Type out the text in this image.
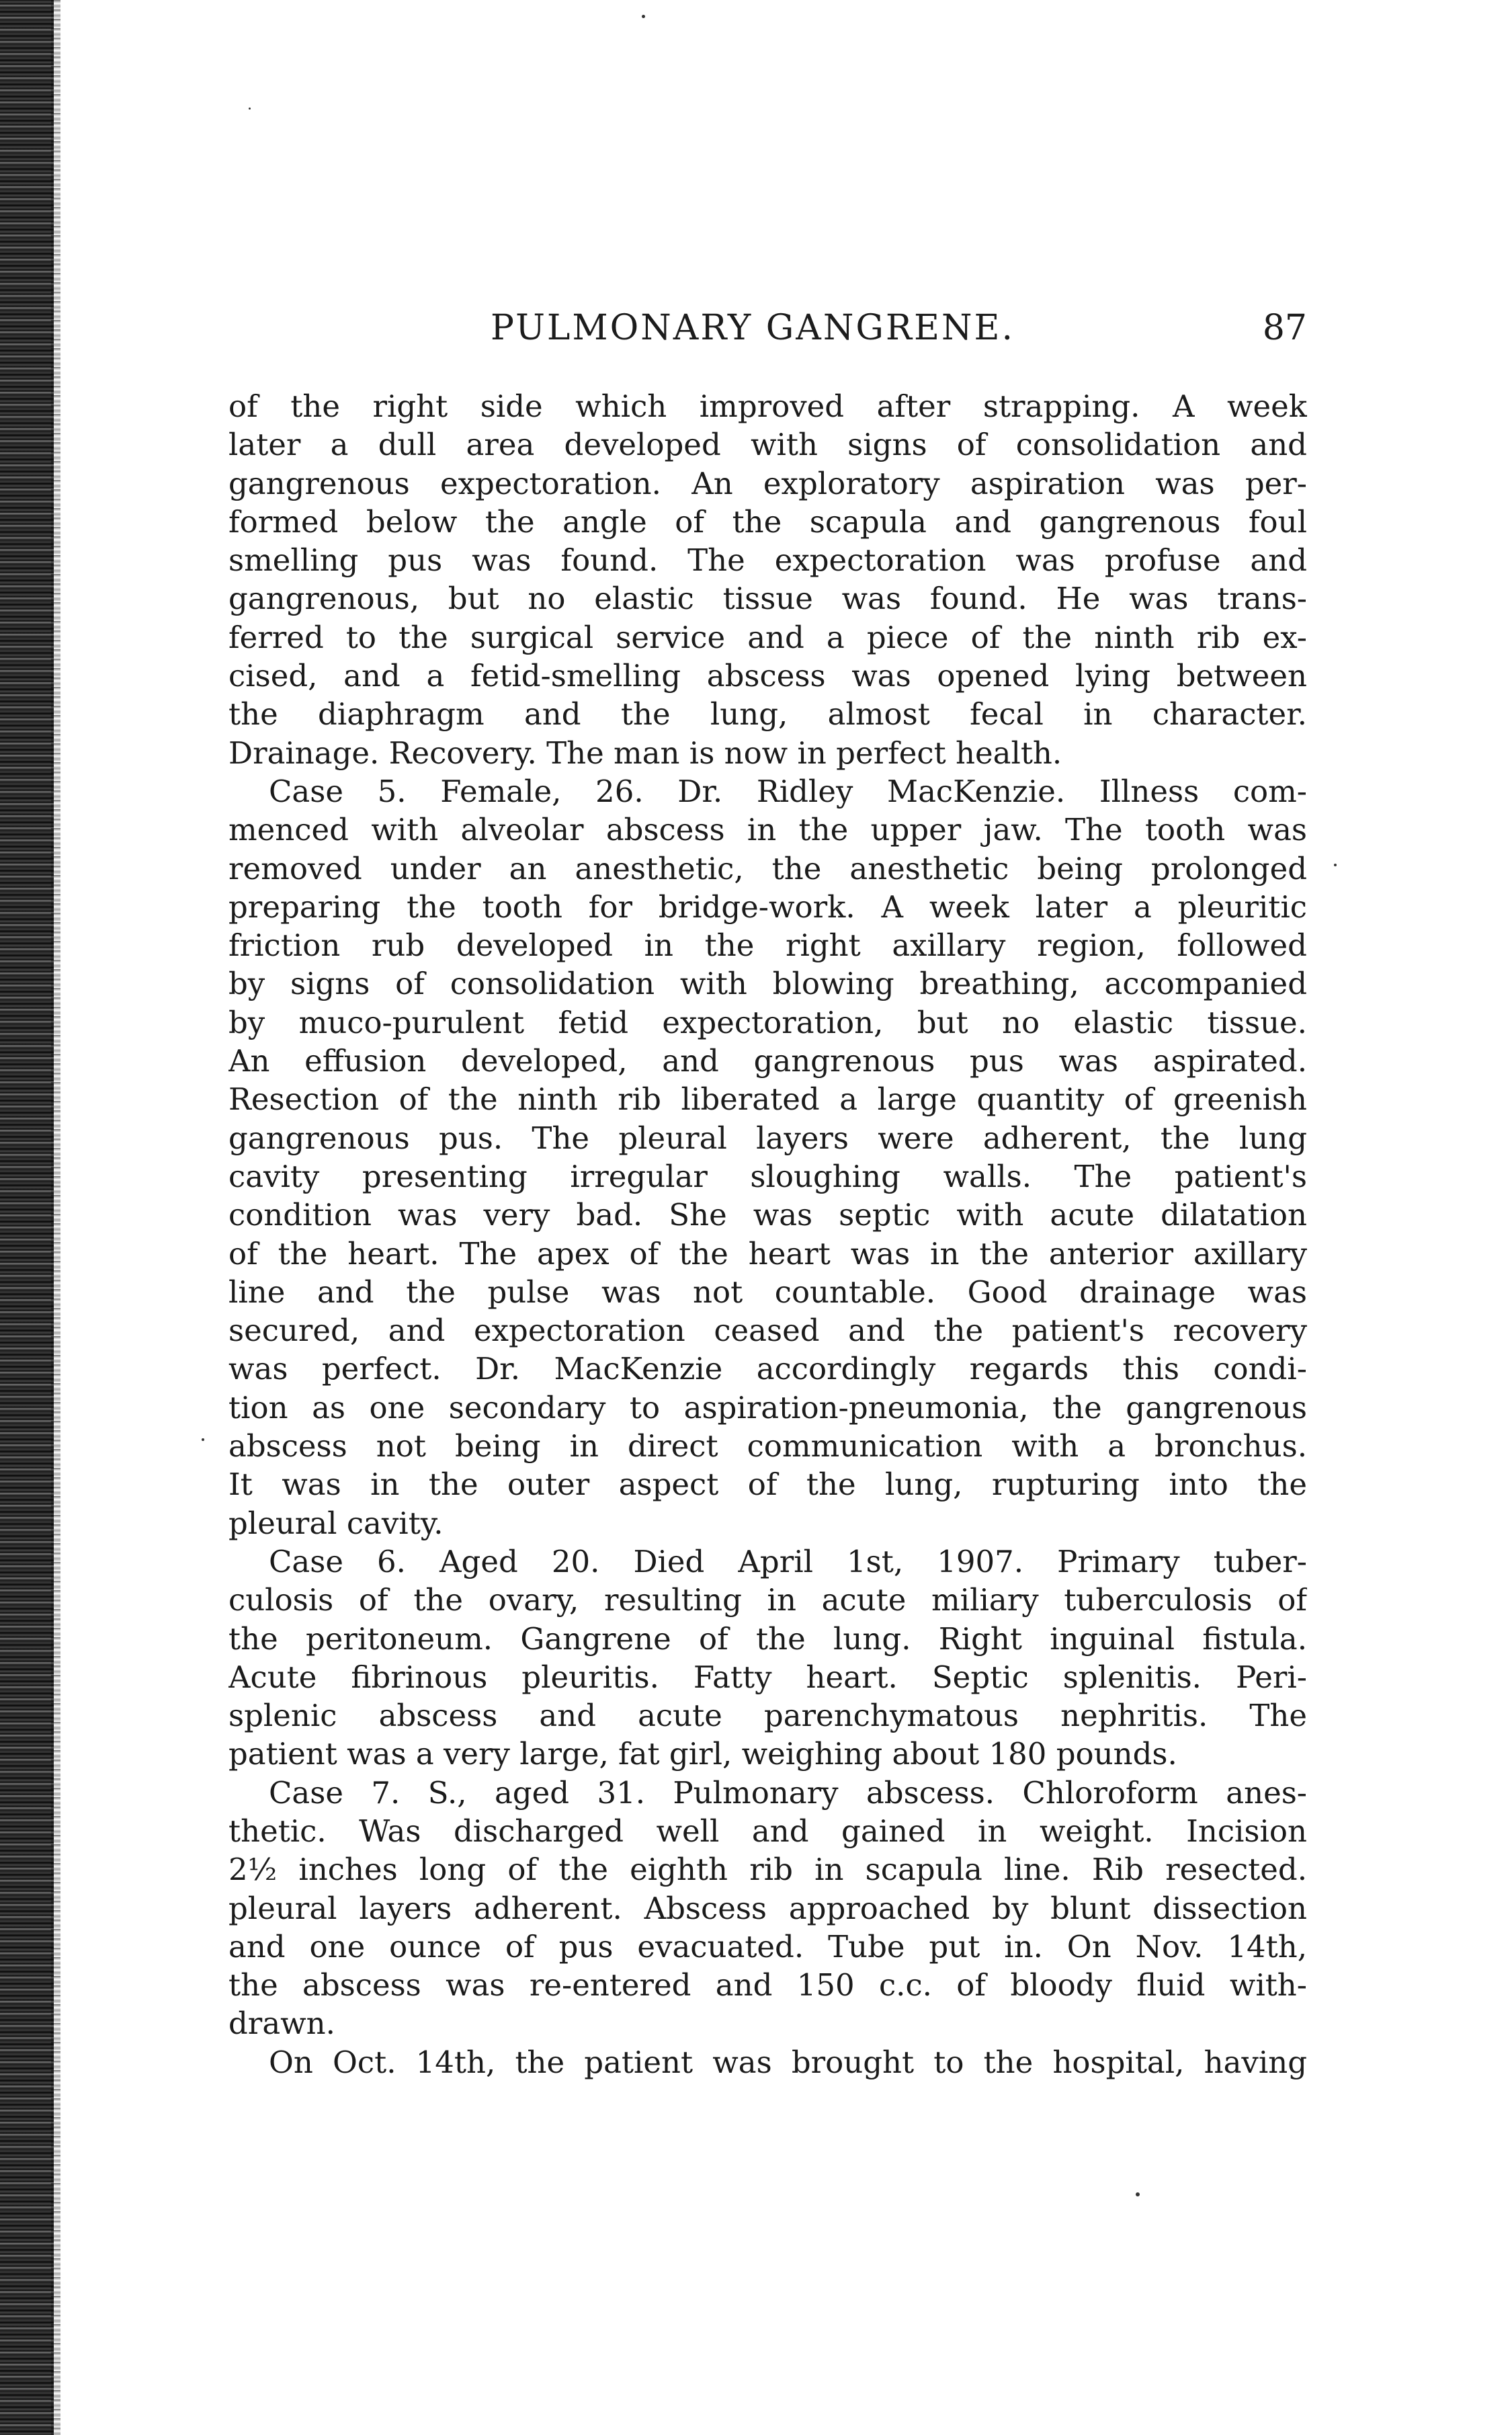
PULMONARY GANGRENE.	87
of the right side which improved after strapping. A week
later a dull area developed with signs of consolidation and
gangrenous expectoration. An exploratory aspiration was per-
formed below the angle of the scapula and gangrenous foul
smelling pus was found. The expectoration was profuse and
gangrenous, but no elastic tissue was found. He was trans-
ferred to the surgical service and a piece of the ninth rib ex-
cised, and a fetid-smelling abscess was opened lying between
the diaphragm and the lung, almost fecal in character.
Drainage. Recovery. The man is now in perfect health.
Case 5. Female, 26. Dr. Ridley MacKenzie. Illness com-
menced with alveolar abscess in the upper jaw. The tooth was
removed under an anesthetic, the anesthetic being prolonged
preparing the tooth for bridge-work. A week later a pleuritic
friction rub developed in the right axillary region, followed
by signs of consolidation with blowing breathing, accompanied
by muco-purulent fetid expectoration, but no elastic tissue.
An effusion developed, and gangrenous pus was aspirated.
Resection of the ninth rib liberated a large quantity of greenish
gangrenous pus. The pleural layers were adherent, the lung
cavity presenting irregular sloughing walls. The patient's
condition was very bad. She was septic with acute dilatation
of the heart. The apex of the heart was in the anterior axillary
line and the pulse was not countable. Good drainage was
secured, and expectoration ceased and the patient's recovery
was perfect. Dr. MacKenzie accordingly regards this condi-
tion as one secondary to aspiration-pneumonia, the gangrenous
abscess not being in direct communication with a bronchus.
It was in the outer aspect of the lung, rupturing into the
pleural cavity.
Case 6. Aged 20. Died April 1st, 1907. Primary tuber-
culosis of the ovary, resulting in acute miliary tuberculosis of
the peritoneum. Gangrene of the lung. Right inguinal fistula.
Acute fibrinous pleuritis. Fatty heart. Septic splenitis. Peri-
splenic abscess and acute parenchymatous nephritis. The
patient was a very large, fat girl, weighing about 180 pounds.
Case 7. S., aged 31. Pulmonary abscess. Chloroform anes-
thetic. Was discharged well and gained in weight. Incision
2½ inches long of the eighth rib in scapula line. Rib resected.
pleural layers adherent. Abscess approached by blunt dissection
and one ounce of pus evacuated. Tube put in. On Nov. 14th,
the abscess was re-entered and 150 c.c. of bloody fluid with-
drawn.
On Oct. 14th, the patient was brought to the hospital, having
